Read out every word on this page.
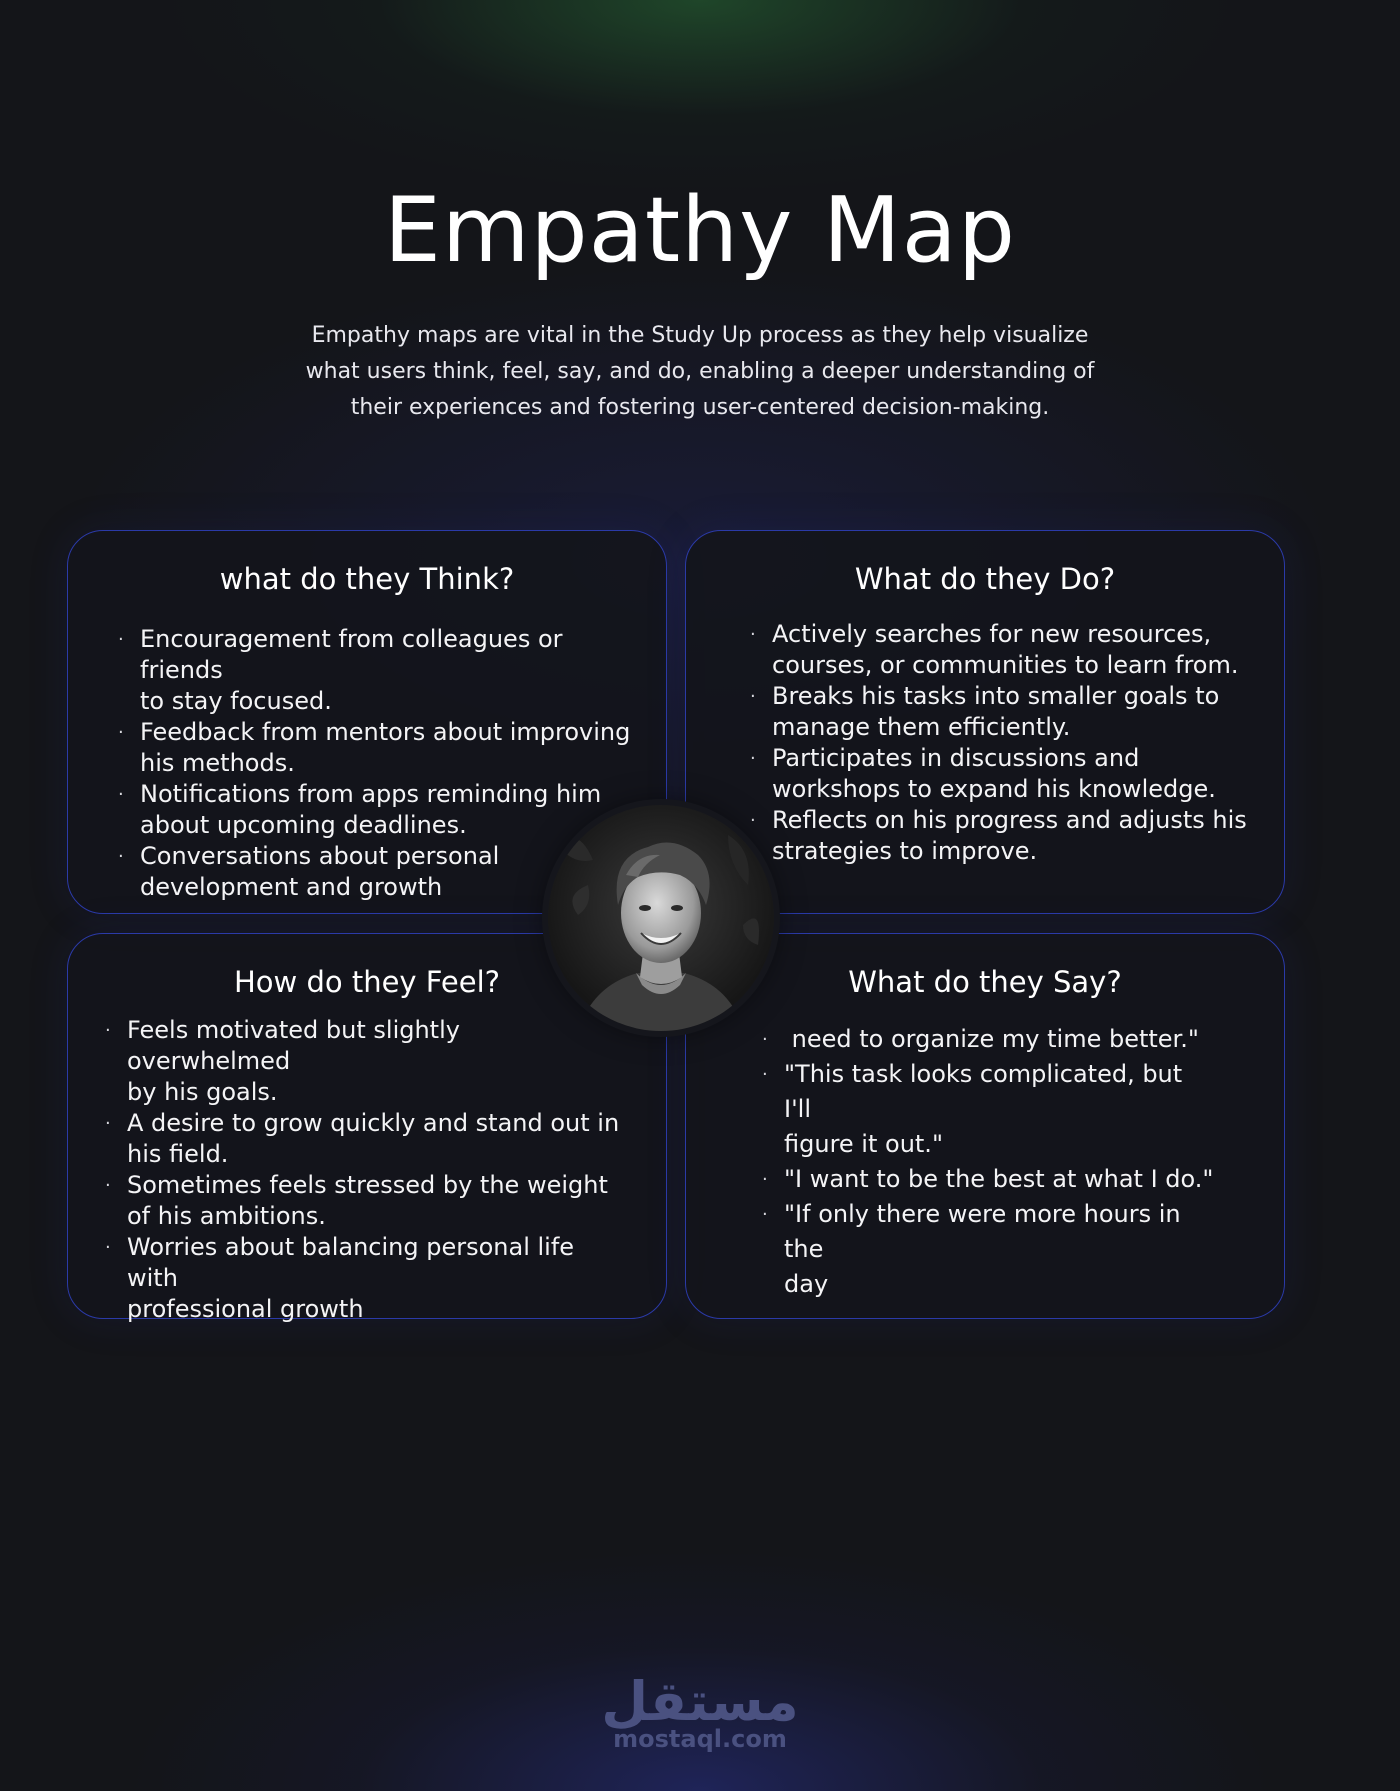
Empathy Map

Empathy maps are vital in the Study Up process as they help visualize
what users think, feel, say, and do, enabling a deeper understanding of
their experiences and fostering user-centered decision-making.

what do they Think?
· Encouragement from colleagues or friends
to stay focused.
· Feedback from mentors about improving
his methods.
· Notifications from apps reminding him
about upcoming deadlines.
· Conversations about personal
development and growth
What do they Do?
· Actively searches for new resources,
courses, or communities to learn from.
· Breaks his tasks into smaller goals to
manage them efficiently.
· Participates in discussions and
workshops to expand his knowledge.
· Reflects on his progress and adjusts his
strategies to improve.
How do they Feel?
· Feels motivated but slightly overwhelmed
by his goals.
· A desire to grow quickly and stand out in
his field.
· Sometimes feels stressed by the weight
of his ambitions.
· Worries about balancing personal life with
professional growth
What do they Say?
· need to organize my time better."
· "This task looks complicated, but I'll
figure it out."
· "I want to be the best at what I do."
· "If only there were more hours in the
day
مستقل
mostaql.com
